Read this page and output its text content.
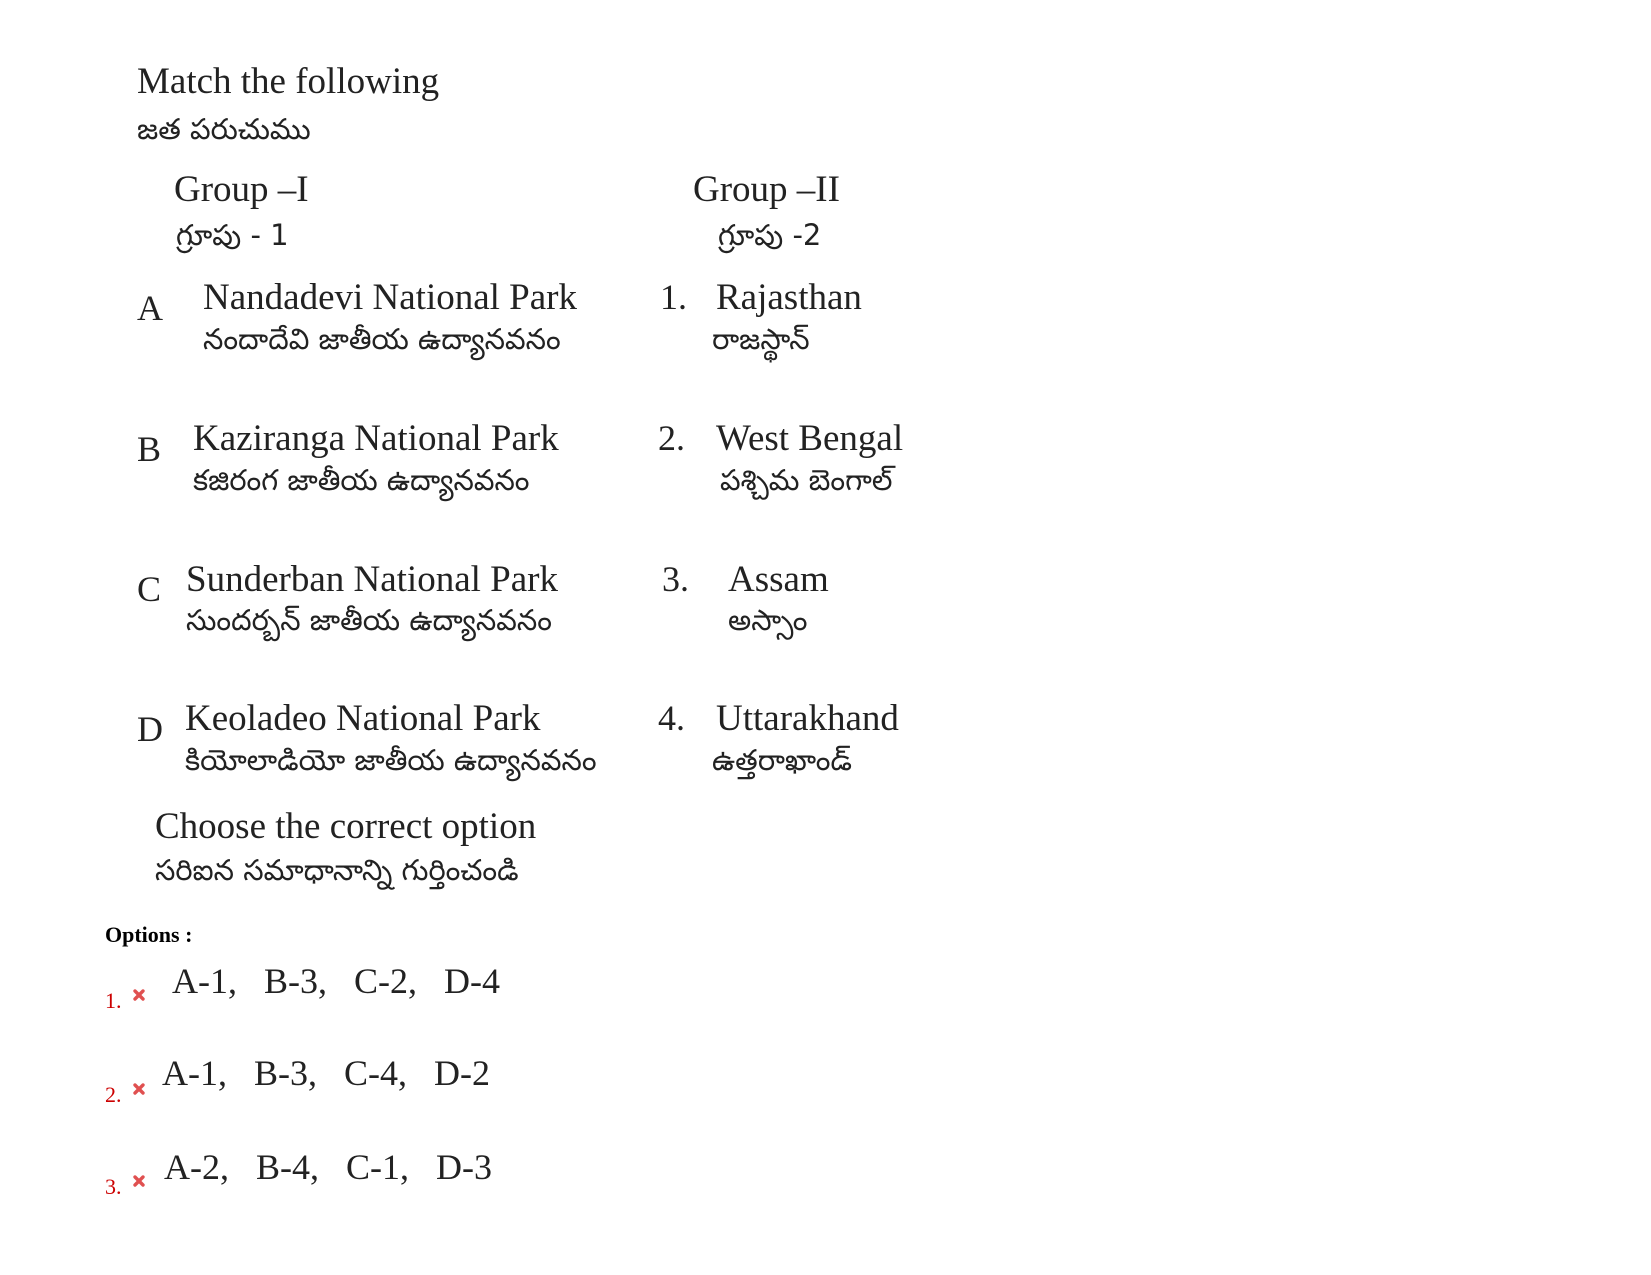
Match the following
జత పరుచుము
Group –I
గ్రూపు - 1
Group –II
గ్రూపు -2
A Nandadevi National Park
నందాదేవి జాతీయ ఉద్యానవనం
1. Rajasthan
రాజస్థాన్
B Kaziranga National Park
కజిరంగ జాతీయ ఉద్యానవనం
2. West Bengal
పశ్చిమ బెంగాల్
C Sunderban National Park
సుందర్బన్ జాతీయ ఉద్యానవనం
3. Assam
అస్సాం
D Keoladeo National Park
కియోలాడియో జాతీయ ఉద్యానవనం
4. Uttarakhand
ఉత్తరాఖాండ్
Choose the correct option
సరిఐన సమాధానాన్ని గుర్తించండి
Options :
1. A-1, B-3, C-2, D-4
2.
A-1, B-3, C-4, D-2
3. A-2, B-4, C-1, D-3
